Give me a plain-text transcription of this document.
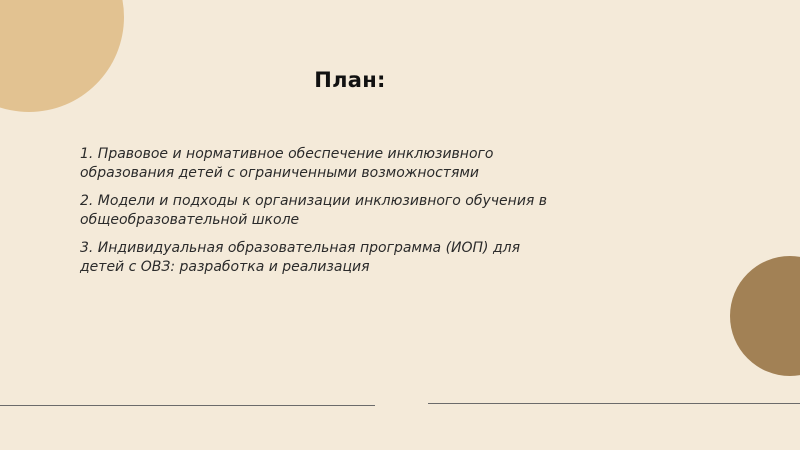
План:
1. Правовое и нормативное обеспечение инклюзивного
образования детей с ограниченными возможностями
2. Модели и подходы к организации инклюзивного обучения в
общеобразовательной школе
3. Индивидуальная образовательная программа (ИОП) для
детей с ОВЗ: разработка и реализация
